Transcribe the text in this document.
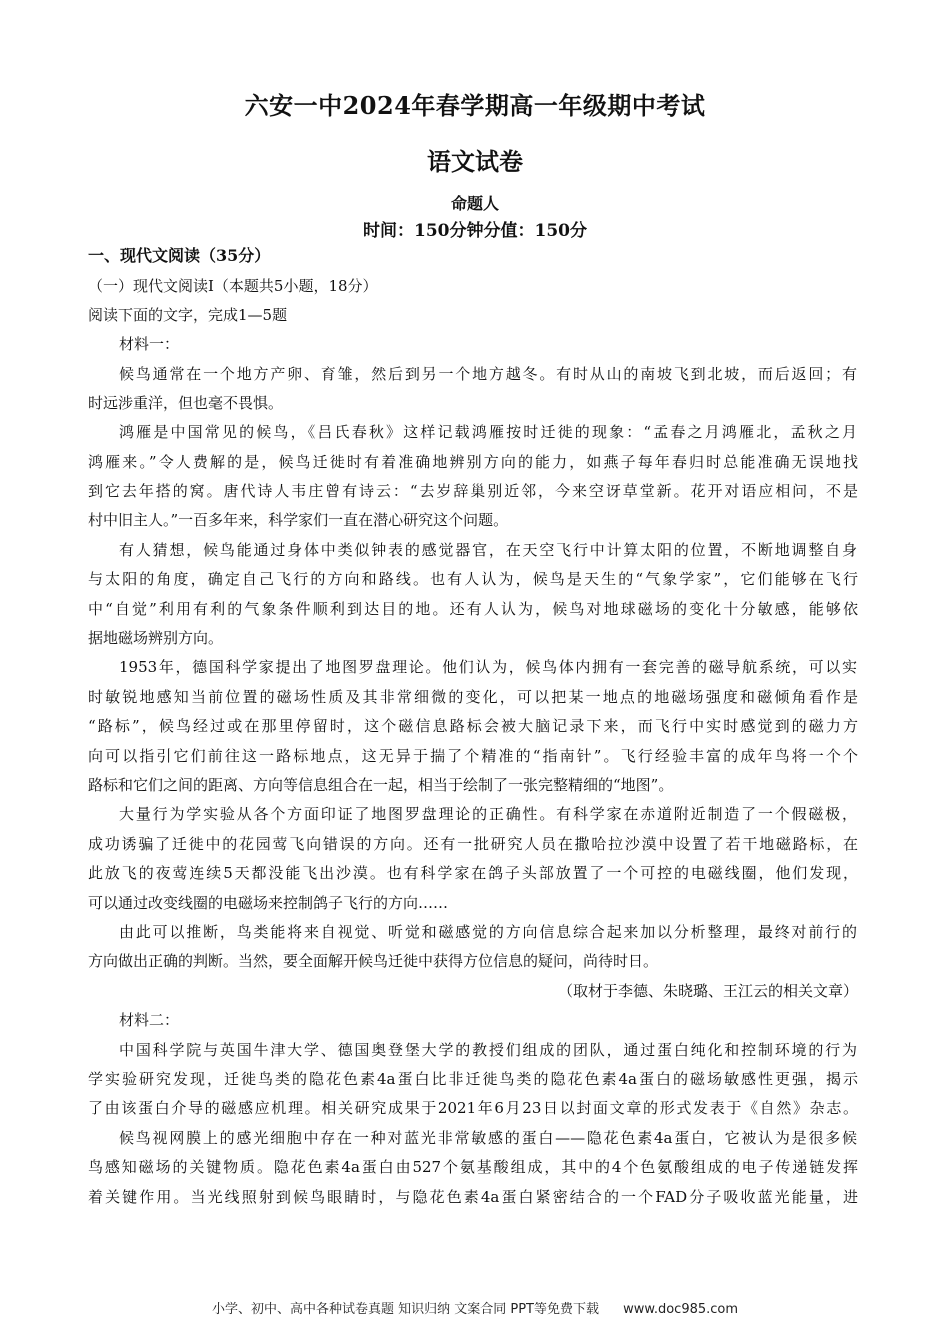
六安一中2024年春学期高一年级期中考试
语文试卷
命题人
时间：150分钟分值：150分
一、现代文阅读（35分）
（一）现代文阅读Ⅰ（本题共5小题，18分）
阅读下面的文字，完成1—5题
材料一：
候鸟通常在一个地方产卵、育雏，然后到另一个地方越冬。有时从山的南坡飞到北坡，而后返回；有
时远涉重洋，但也毫不畏惧。
鸿雁是中国常见的候鸟，《吕氏春秋》这样记载鸿雁按时迁徙的现象：“孟春之月鸿雁北，孟秋之月
鸿雁来。”令人费解的是，候鸟迁徙时有着准确地辨别方向的能力，如燕子每年春归时总能准确无误地找
到它去年搭的窝。唐代诗人韦庄曾有诗云：“去岁辞巢别近邻，今来空讶草堂新。花开对语应相问，不是
村中旧主人。”一百多年来，科学家们一直在潜心研究这个问题。
有人猜想，候鸟能通过身体中类似钟表的感觉器官，在天空飞行中计算太阳的位置，不断地调整自身
与太阳的角度，确定自己飞行的方向和路线。也有人认为，候鸟是天生的“气象学家”，它们能够在飞行
中“自觉”利用有利的气象条件顺利到达目的地。还有人认为，候鸟对地球磁场的变化十分敏感，能够依
据地磁场辨别方向。
1953年，德国科学家提出了地图罗盘理论。他们认为，候鸟体内拥有一套完善的磁导航系统，可以实
时敏锐地感知当前位置的磁场性质及其非常细微的变化，可以把某一地点的地磁场强度和磁倾角看作是
“路标”，候鸟经过或在那里停留时，这个磁信息路标会被大脑记录下来，而飞行中实时感觉到的磁力方
向可以指引它们前往这一路标地点，这无异于揣了个精准的“指南针”。飞行经验丰富的成年鸟将一个个
路标和它们之间的距离、方向等信息组合在一起，相当于绘制了一张完整精细的“地图”。
大量行为学实验从各个方面印证了地图罗盘理论的正确性。有科学家在赤道附近制造了一个假磁极，
成功诱骗了迁徙中的花园莺飞向错误的方向。还有一批研究人员在撒哈拉沙漠中设置了若干地磁路标，在
此放飞的夜莺连续5天都没能飞出沙漠。也有科学家在鸽子头部放置了一个可控的电磁线圈，他们发现，
可以通过改变线圈的电磁场来控制鸽子飞行的方向……
由此可以推断，鸟类能将来自视觉、听觉和磁感觉的方向信息综合起来加以分析整理，最终对前行的
方向做出正确的判断。当然，要全面解开候鸟迁徙中获得方位信息的疑问，尚待时日。
（取材于李德、朱晓璐、王江云的相关文章）
材料二：
中国科学院与英国牛津大学、德国奥登堡大学的教授们组成的团队，通过蛋白纯化和控制环境的行为
学实验研究发现，迁徙鸟类的隐花色素4a蛋白比非迁徙鸟类的隐花色素4a蛋白的磁场敏感性更强，揭示
了由该蛋白介导的磁感应机理。相关研究成果于2021年6月23日以封面文章的形式发表于《自然》杂志。
候鸟视网膜上的感光细胞中存在一种对蓝光非常敏感的蛋白——隐花色素4a蛋白，它被认为是很多候
鸟感知磁场的关键物质。隐花色素4a蛋白由527个氨基酸组成，其中的4个色氨酸组成的电子传递链发挥
着关键作用。当光线照射到候鸟眼睛时，与隐花色素4a蛋白紧密结合的一个FAD分子吸收蓝光能量，进
小学、初中、高中各种试卷真题 知识归纳 文案合同 PPT等免费下载 www.doc985.com
